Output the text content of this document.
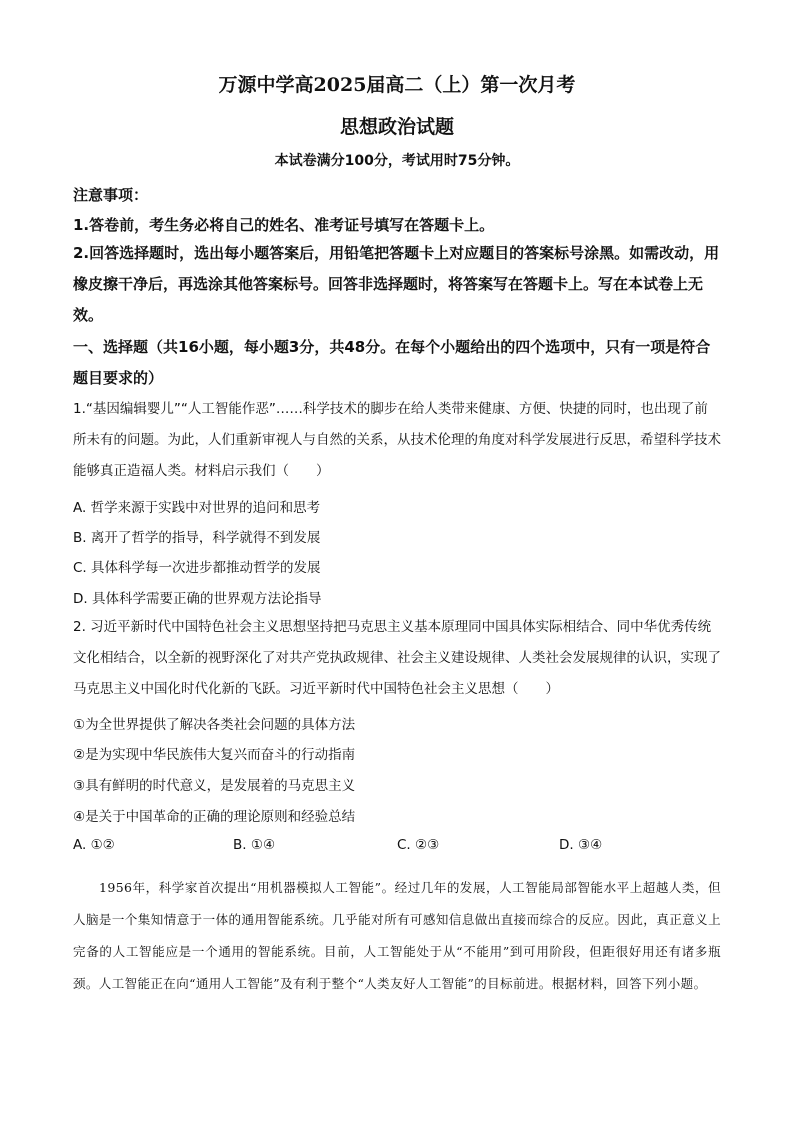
万源中学高2025届高二（上）第一次月考
思想政治试题
本试卷满分100分，考试用时75分钟。
注意事项：
1.答卷前，考生务必将自己的姓名、准考证号填写在答题卡上。
2.回答选择题时，选出每小题答案后，用铅笔把答题卡上对应题目的答案标号涂黑。如需改动，用橡皮擦干净后，再选涂其他答案标号。回答非选择题时，将答案写在答题卡上。写在本试卷上无效。
一、选择题（共16小题，每小题3分，共48分。在每个小题给出的四个选项中，只有一项是符合题目要求的）
1.“基因编辑婴儿”“人工智能作恶”……科学技术的脚步在给人类带来健康、方便、快捷的同时，也出现了前所未有的问题。为此，人们重新审视人与自然的关系，从技术伦理的角度对科学发展进行反思，希望科学技术能够真正造福人类。材料启示我们（　　）
A. 哲学来源于实践中对世界的追问和思考
B. 离开了哲学的指导，科学就得不到发展
C. 具体科学每一次进步都推动哲学的发展
D. 具体科学需要正确的世界观方法论指导
2. 习近平新时代中国特色社会主义思想坚持把马克思主义基本原理同中国具体实际相结合、同中华优秀传统文化相结合，以全新的视野深化了对共产党执政规律、社会主义建设规律、人类社会发展规律的认识，实现了马克思主义中国化时代化新的飞跃。习近平新时代中国特色社会主义思想（　　）
①为全世界提供了解决各类社会问题的具体方法
②是为实现中华民族伟大复兴而奋斗的行动指南
③具有鲜明的时代意义，是发展着的马克思主义
④是关于中国革命的正确的理论原则和经验总结
A. ①②	B. ①④	C. ②③	D. ③④
1956年，科学家首次提出“用机器模拟人工智能”。经过几年的发展，人工智能局部智能水平上超越人类，但人脑是一个集知情意于一体的通用智能系统。几乎能对所有可感知信息做出直接而综合的反应。因此，真正意义上完备的人工智能应是一个通用的智能系统。目前，人工智能处于从“不能用”到可用阶段，但距很好用还有诸多瓶颈。人工智能正在向“通用人工智能”及有利于整个“人类友好人工智能”的目标前进。根据材料，回答下列小题。
